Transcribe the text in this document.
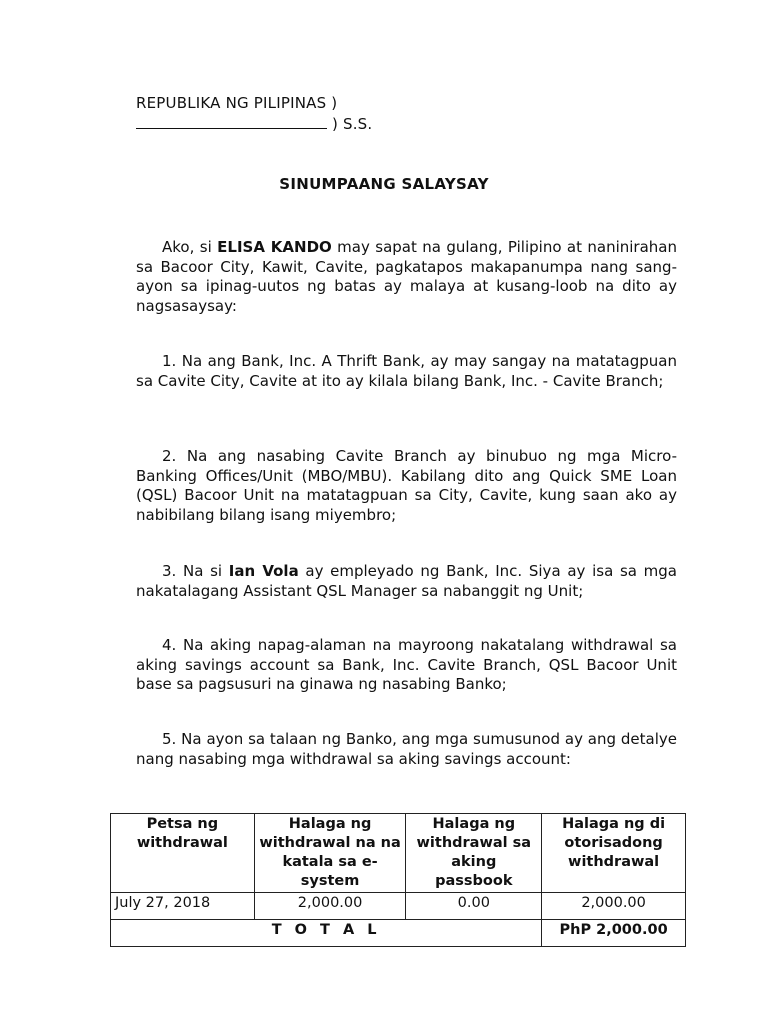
REPUBLIKA NG PILIPINAS )
) S.S.
SINUMPAANG SALAYSAY
Ako, si ELISA KANDO may sapat na gulang, Pilipino at naninirahan sa Bacoor City, Kawit, Cavite, pagkatapos makapanumpa nang sang-ayon sa ipinag-uutos ng batas ay malaya at kusang-loob na dito ay nagsasaysay:
1. Na ang Bank, Inc. A Thrift Bank, ay may sangay na matatagpuan sa Cavite City, Cavite at ito ay kilala bilang Bank, Inc. - Cavite Branch;
2. Na ang nasabing Cavite Branch ay binubuo ng mga Micro-Banking Offices/Unit (MBO/MBU). Kabilang dito ang Quick SME Loan (QSL) Bacoor Unit na matatagpuan sa City, Cavite, kung saan ako ay nabibilang bilang isang miyembro;
3. Na si Ian Vola ay empleyado ng Bank, Inc. Siya ay isa sa mga nakatalagang Assistant QSL Manager sa nabanggit ng Unit;
4. Na aking napag-alaman na mayroong nakatalang withdrawal sa aking savings account sa Bank, Inc. Cavite Branch, QSL Bacoor Unit base sa pagsusuri na ginawa ng nasabing Banko;
5. Na ayon sa talaan ng Banko, ang mga sumusunod ay ang detalye nang nasabing mga withdrawal sa aking savings account:
Petsa ng withdrawal	Halaga ng withdrawal na na katala sa e-system	Halaga ng withdrawal sa aking passbook	Halaga ng di otorisadong withdrawal
July 27, 2018	2,000.00	0.00	2,000.00
T O T A L			PhP 2,000.00
